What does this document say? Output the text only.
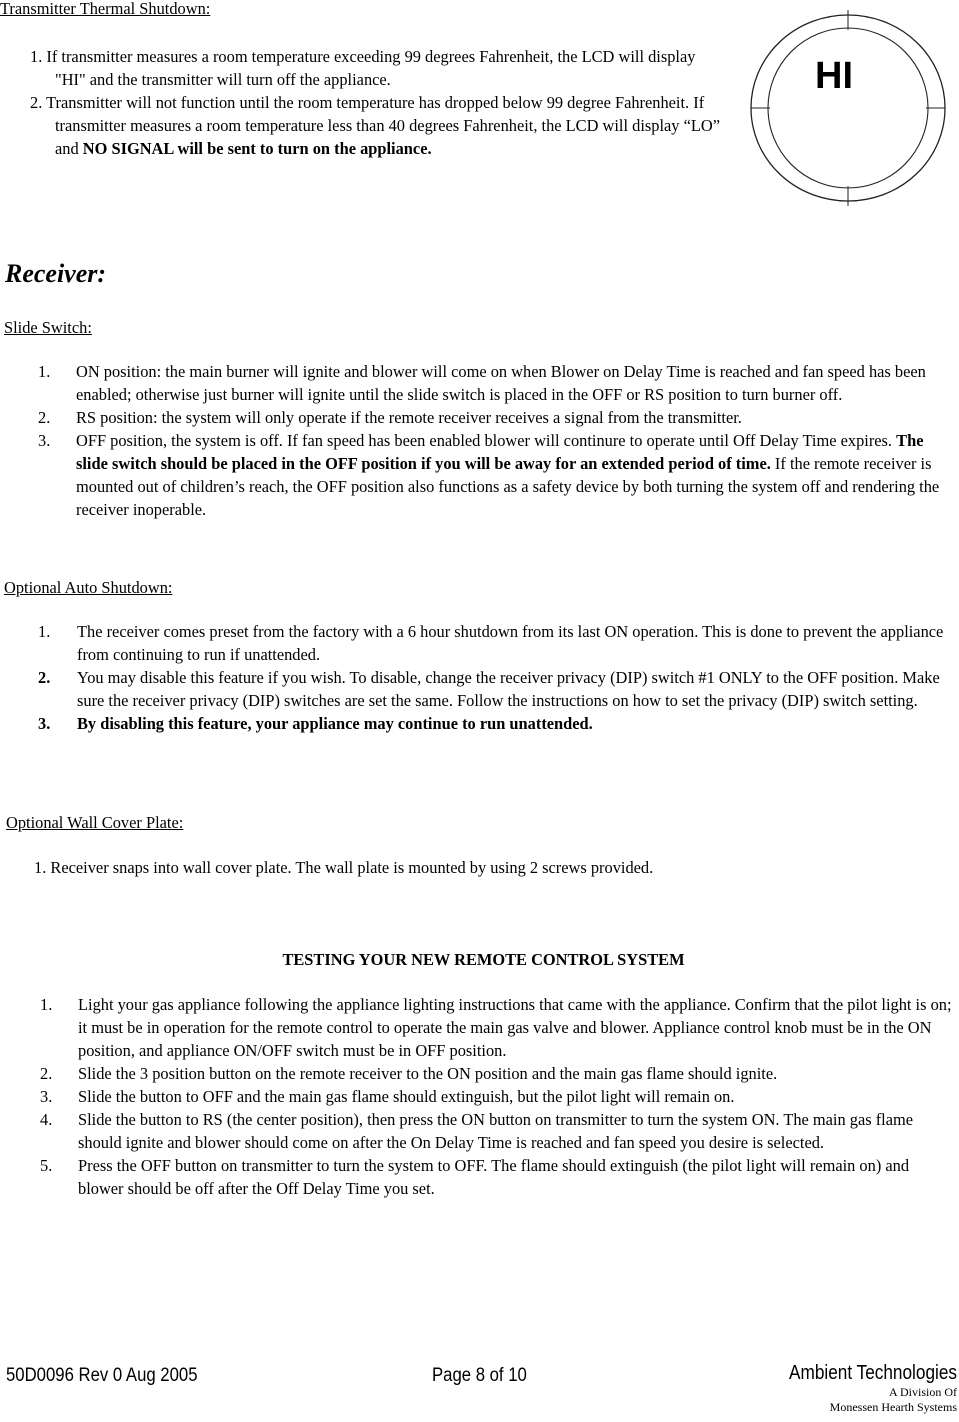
Transmitter Thermal Shutdown:
1. If transmitter measures a room temperature exceeding 99 degrees Fahrenheit, the LCD will display "HI" and the transmitter will turn off the appliance.
2. Transmitter will not function until the room temperature has dropped below 99 degree Fahrenheit. If transmitter measures a room temperature less than 40 degrees Fahrenheit, the LCD will display “LO” and NO SIGNAL will be sent to turn on the appliance.
HI
Receiver:
Slide Switch:
1. ON position: the main burner will ignite and blower will come on when Blower on Delay Time is reached and fan speed has been enabled; otherwise just burner will ignite until the slide switch is placed in the OFF or RS position to turn burner off.
2. RS position: the system will only operate if the remote receiver receives a signal from the transmitter.
3. OFF position, the system is off. If fan speed has been enabled blower will continure to operate until Off Delay Time expires. The slide switch should be placed in the OFF position if you will be away for an extended period of time. If the remote receiver is mounted out of children’s reach, the OFF position also functions as a safety device by both turning the system off and rendering the receiver inoperable.
Optional Auto Shutdown:
1. The receiver comes preset from the factory with a 6 hour shutdown from its last ON operation. This is done to prevent the appliance from continuing to run if unattended.
2. You may disable this feature if you wish. To disable, change the receiver privacy (DIP) switch #1 ONLY to the OFF position. Make sure the receiver privacy (DIP) switches are set the same. Follow the instructions on how to set the privacy (DIP) switch setting.
3. By disabling this feature, your appliance may continue to run unattended.
Optional Wall Cover Plate:
1. Receiver snaps into wall cover plate. The wall plate is mounted by using 2 screws provided.
TESTING YOUR NEW REMOTE CONTROL SYSTEM
1. Light your gas appliance following the appliance lighting instructions that came with the appliance. Confirm that the pilot light is on; it must be in operation for the remote control to operate the main gas valve and blower. Appliance control knob must be in the ON position, and appliance ON/OFF switch must be in OFF position.
2. Slide the 3 position button on the remote receiver to the ON position and the main gas flame should ignite.
3. Slide the button to OFF and the main gas flame should extinguish, but the pilot light will remain on.
4. Slide the button to RS (the center position), then press the ON button on transmitter to turn the system ON. The main gas flame should ignite and blower should come on after the On Delay Time is reached and fan speed you desire is selected.
5. Press the OFF button on transmitter to turn the system to OFF. The flame should extinguish (the pilot light will remain on) and blower should be off after the Off Delay Time you set.
50D0096 Rev 0 Aug 2005	Page 8 of 10	Ambient Technologies
A Division Of
Monessen Hearth Systems
